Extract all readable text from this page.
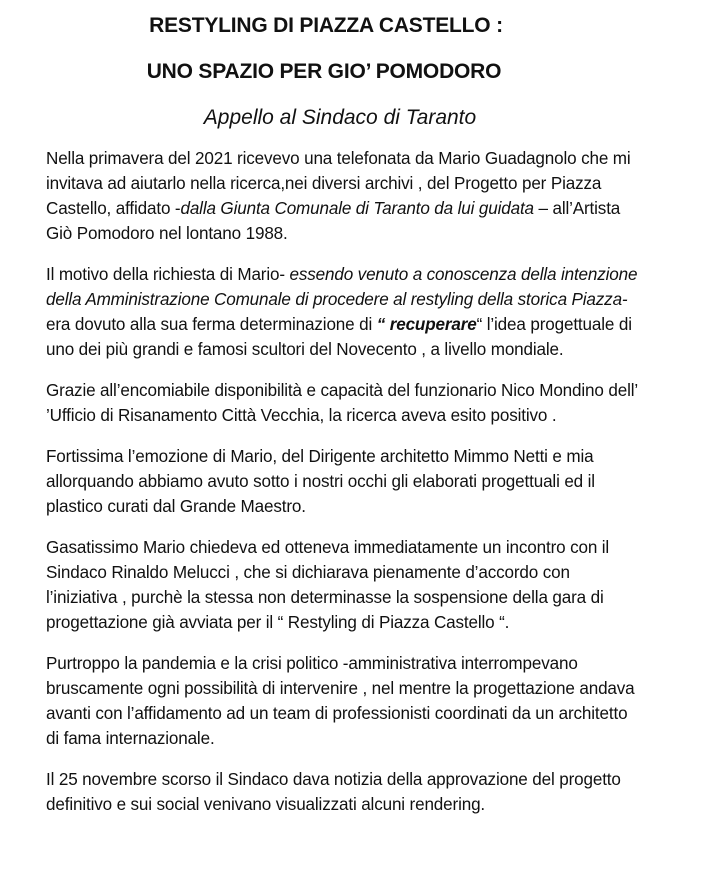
RESTYLING DI PIAZZA CASTELLO :
UNO SPAZIO PER GIO’ POMODORO
Appello al Sindaco di Taranto

Nella primavera del 2021 ricevevo una telefonata da Mario Guadagnolo che mi
invitava ad aiutarlo nella ricerca,nei diversi archivi , del Progetto per Piazza
Castello, affidato -dalla Giunta Comunale di Taranto da lui guidata – all’Artista
Giò Pomodoro nel lontano 1988.

Il motivo della richiesta di Mario- essendo venuto a conoscenza della intenzione
della Amministrazione Comunale di procedere al restyling della storica Piazza-
era dovuto alla sua ferma determinazione di “ recuperare“ l’idea progettuale di
uno dei più grandi e famosi scultori del Novecento , a livello mondiale.

Grazie all’encomiabile disponibilità e capacità del funzionario Nico Mondino dell’
’Ufficio di Risanamento Città Vecchia, la ricerca aveva esito positivo .

Fortissima l’emozione di Mario, del Dirigente architetto Mimmo Netti e mia
allorquando abbiamo avuto sotto i nostri occhi gli elaborati progettuali ed il
plastico curati dal Grande Maestro.

Gasatissimo Mario chiedeva ed otteneva immediatamente un incontro con il
Sindaco Rinaldo Melucci , che si dichiarava pienamente d’accordo con
l’iniziativa , purchè la stessa non determinasse la sospensione della gara di
progettazione già avviata per il “ Restyling di Piazza Castello “.

Purtroppo la pandemia e la crisi politico -amministrativa interrompevano
bruscamente ogni possibilità di intervenire , nel mentre la progettazione andava
avanti con l’affidamento ad un team di professionisti coordinati da un architetto
di fama internazionale.

Il 25 novembre scorso il Sindaco dava notizia della approvazione del progetto
definitivo e sui social venivano visualizzati alcuni rendering.
